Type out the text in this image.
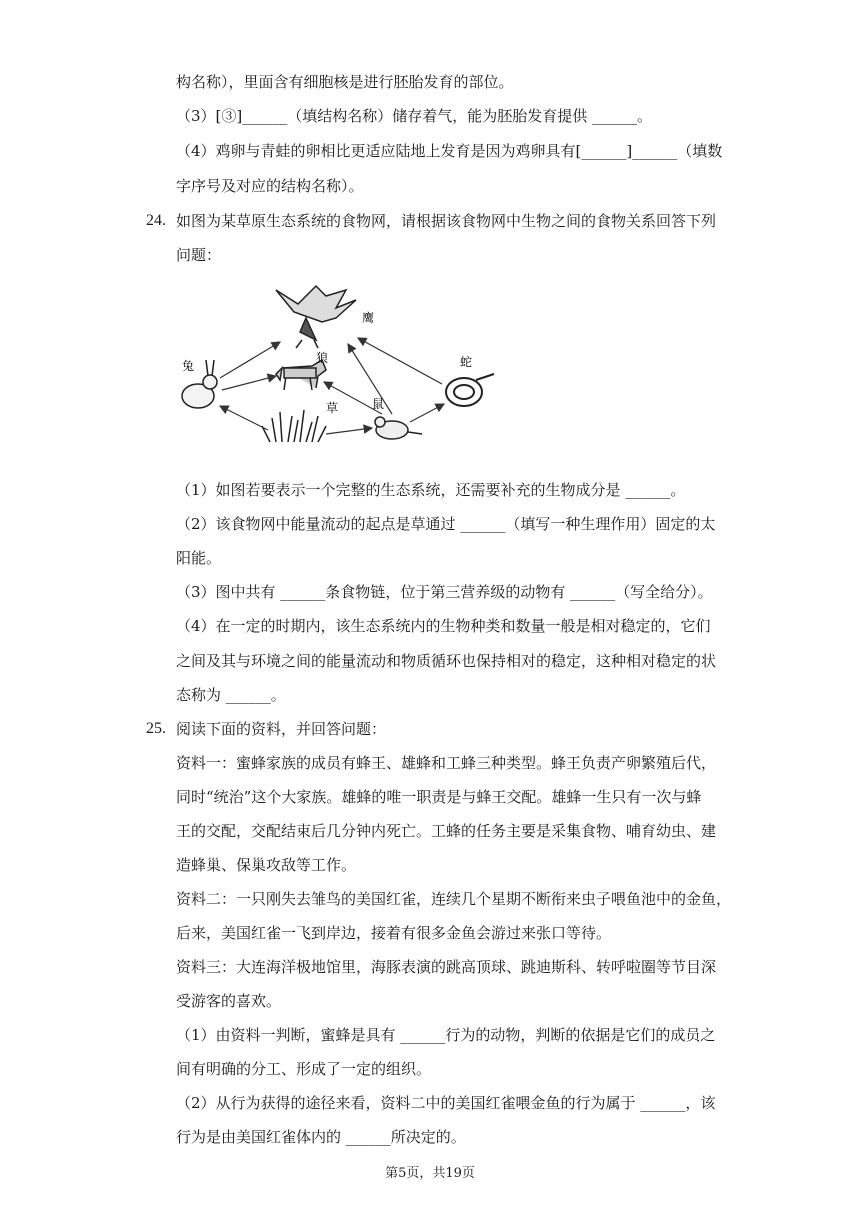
构名称），里面含有细胞核是进行胚胎发育的部位。
（3）[③]______（填结构名称）储存着气，能为胚胎发育提供 ______。
（4）鸡卵与青蛙的卵相比更适应陆地上发育是因为鸡卵具有[______]______（填数
字序号及对应的结构名称）。
24. 如图为某草原生态系统的食物网，请根据该食物网中生物之间的食物关系回答下列
问题：
鹰
兔
狼
草	鼠
蛇
（1）如图若要表示一个完整的生态系统，还需要补充的生物成分是 ______。
（2）该食物网中能量流动的起点是草通过 ______（填写一种生理作用）固定的太
阳能。
（3）图中共有 ______条食物链，位于第三营养级的动物有 ______（写全给分）。
（4）在一定的时期内，该生态系统内的生物种类和数量一般是相对稳定的，它们
之间及其与环境之间的能量流动和物质循环也保持相对的稳定，这种相对稳定的状
态称为 ______。
25. 阅读下面的资料，并回答问题：
资料一：蜜蜂家族的成员有蜂王、雄蜂和工蜂三种类型。蜂王负责产卵繁殖后代，
同时“统治”这个大家族。雄蜂的唯一职责是与蜂王交配。雄蜂一生只有一次与蜂
王的交配，交配结束后几分钟内死亡。工蜂的任务主要是采集食物、哺育幼虫、建
造蜂巢、保巢攻敌等工作。
资料二：一只刚失去雏鸟的美国红雀，连续几个星期不断衔来虫子喂鱼池中的金鱼，
后来，美国红雀一飞到岸边，接着有很多金鱼会游过来张口等待。
资料三：大连海洋极地馆里，海豚表演的跳高顶球、跳迪斯科、转呼啦圈等节目深
受游客的喜欢。
（1）由资料一判断，蜜蜂是具有 ______行为的动物，判断的依据是它们的成员之
间有明确的分工、形成了一定的组织。
（2）从行为获得的途径来看，资料二中的美国红雀喂金鱼的行为属于 ______，该
行为是由美国红雀体内的 ______所决定的。
第5页，共19页
